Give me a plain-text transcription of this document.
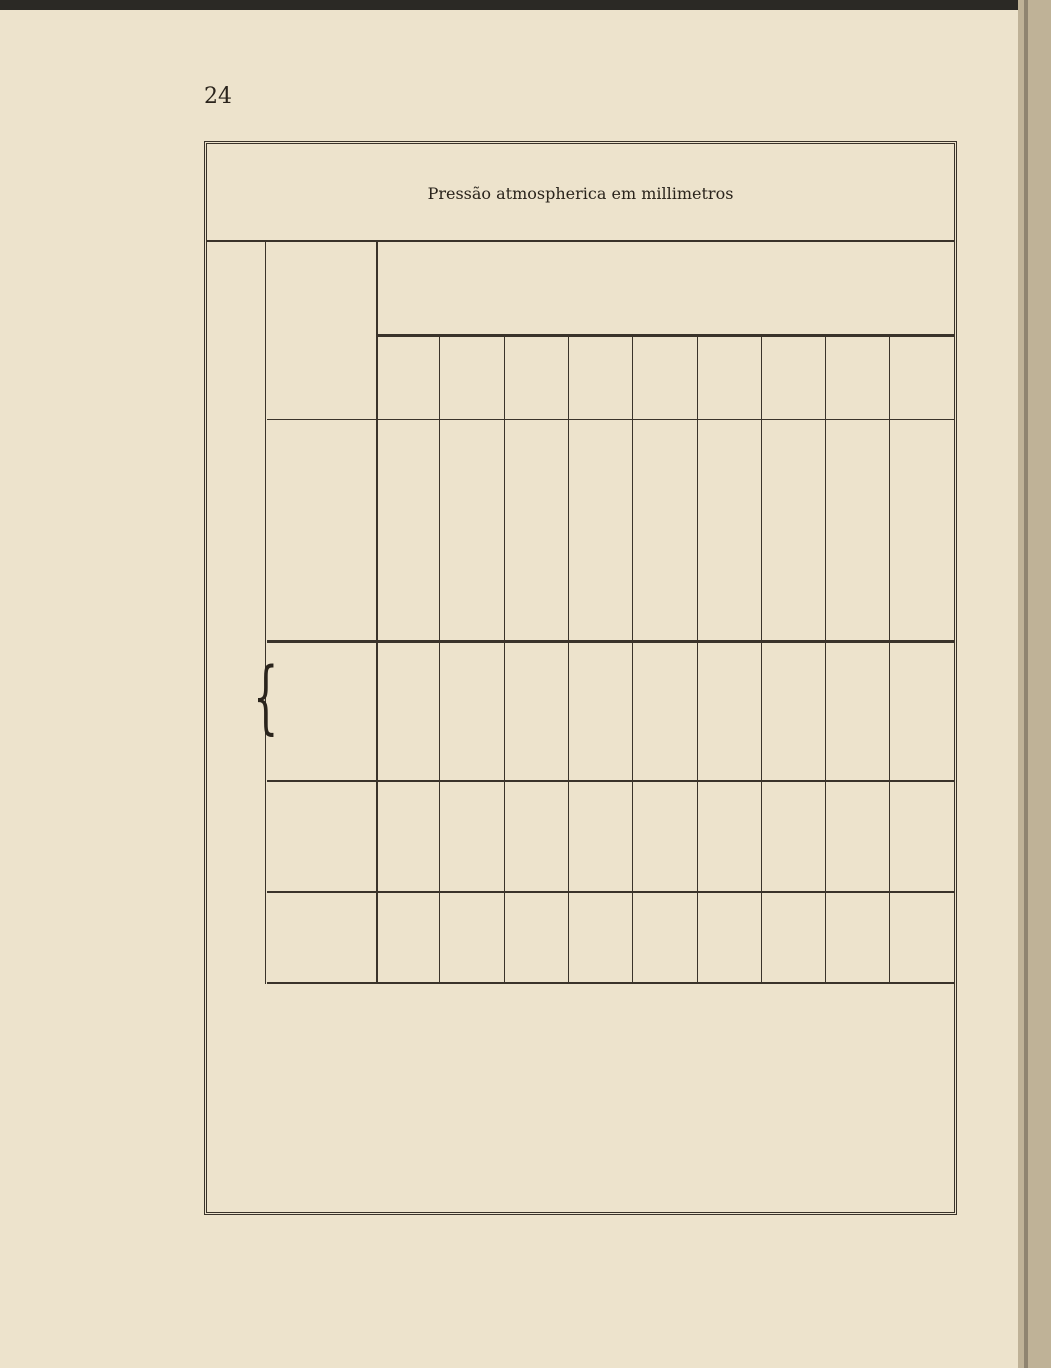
24
Pressão atmospherica em millimetros
{
